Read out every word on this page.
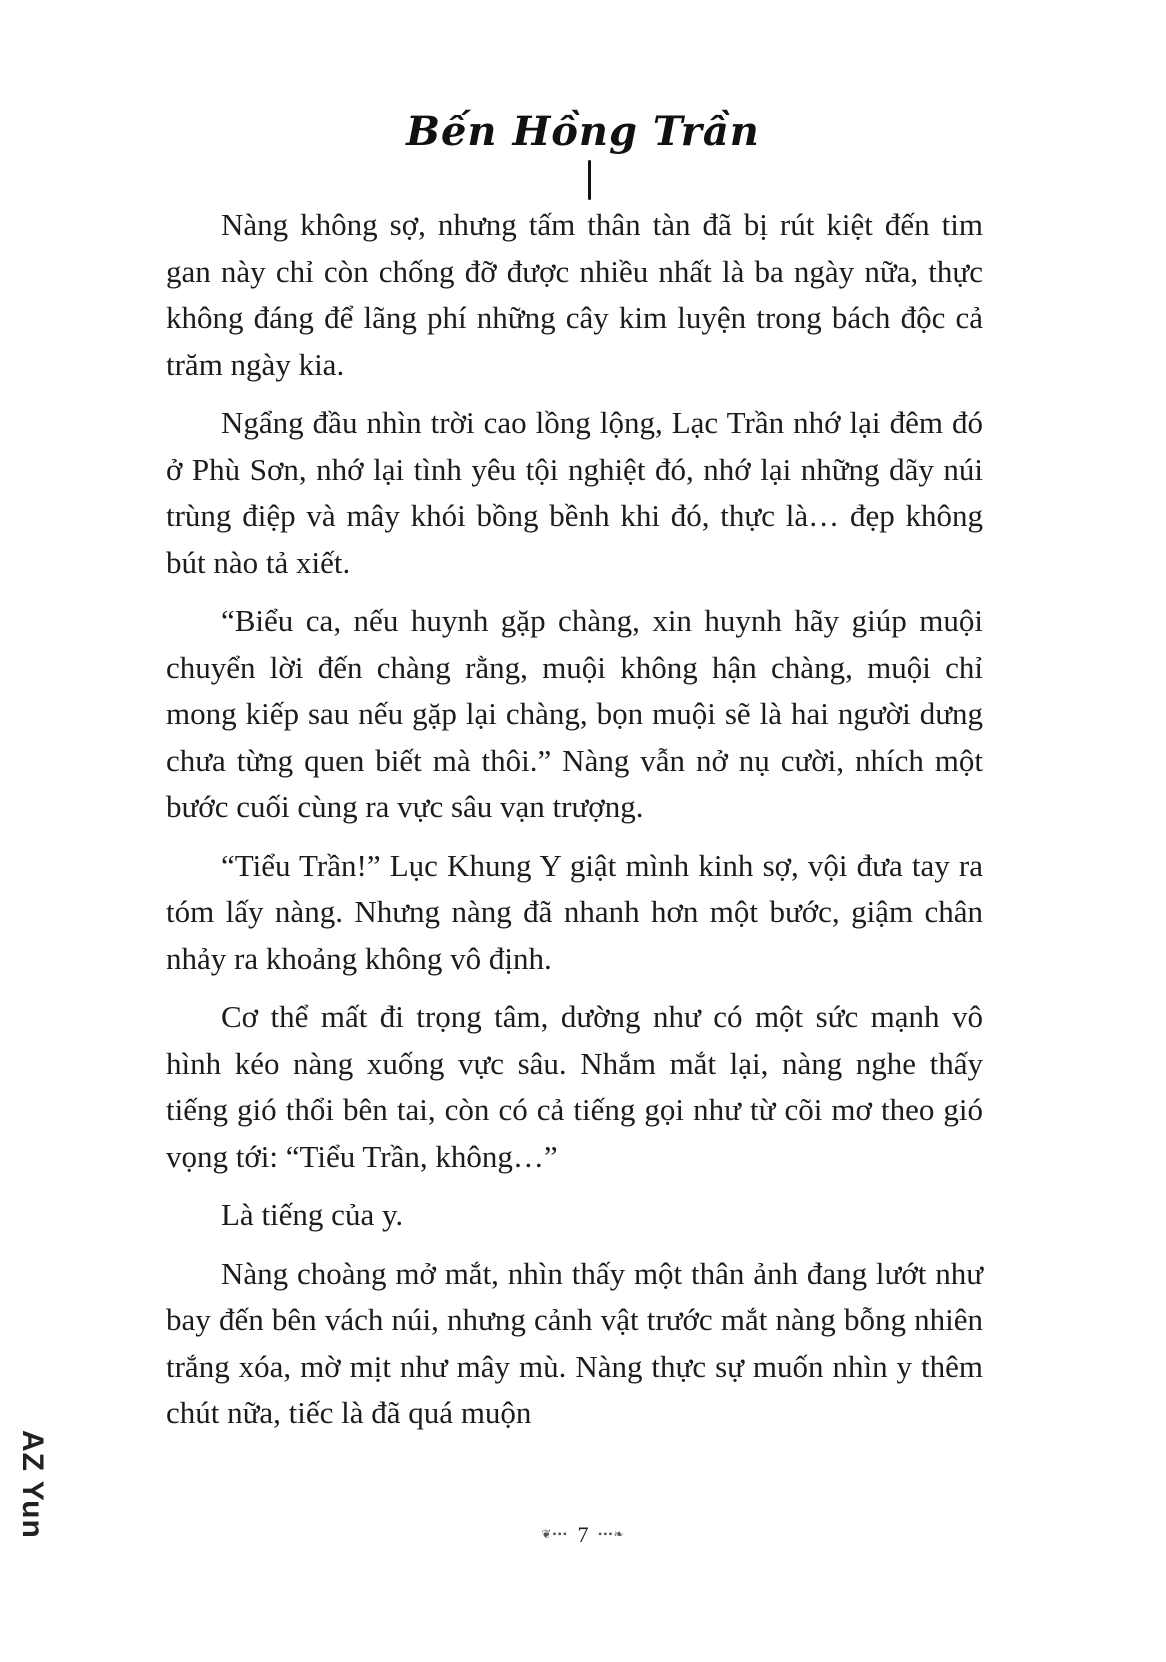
Bến Hồng Trần

Nàng không sợ, nhưng tấm thân tàn đã bị rút kiệt đến tim gan này chỉ còn chống đỡ được nhiều nhất là ba ngày nữa, thực không đáng để lãng phí những cây kim luyện trong bách độc cả trăm ngày kia.

Ngẩng đầu nhìn trời cao lồng lộng, Lạc Trần nhớ lại đêm đó ở Phù Sơn, nhớ lại tình yêu tội nghiệt đó, nhớ lại những dãy núi trùng điệp và mây khói bồng bềnh khi đó, thực là… đẹp không bút nào tả xiết.

“Biểu ca, nếu huynh gặp chàng, xin huynh hãy giúp muội chuyển lời đến chàng rằng, muội không hận chàng, muội chỉ mong kiếp sau nếu gặp lại chàng, bọn muội sẽ là hai người dưng chưa từng quen biết mà thôi.” Nàng vẫn nở nụ cười, nhích một bước cuối cùng ra vực sâu vạn trượng.

“Tiểu Trần!” Lục Khung Y giật mình kinh sợ, vội đưa tay ra tóm lấy nàng. Nhưng nàng đã nhanh hơn một bước, giậm chân nhảy ra khoảng không vô định.

Cơ thể mất đi trọng tâm, dường như có một sức mạnh vô hình kéo nàng xuống vực sâu. Nhắm mắt lại, nàng nghe thấy tiếng gió thổi bên tai, còn có cả tiếng gọi như từ cõi mơ theo gió vọng tới: “Tiểu Trần, không…”

Là tiếng của y.

Nàng choàng mở mắt, nhìn thấy một thân ảnh đang lướt như bay đến bên vách núi, nhưng cảnh vật trước mắt nàng bỗng nhiên trắng xóa, mờ mịt như mây mù. Nàng thực sự muốn nhìn y thêm chút nữa, tiếc là đã quá muộn

AZ Yun	❦••• 7 •••❧
